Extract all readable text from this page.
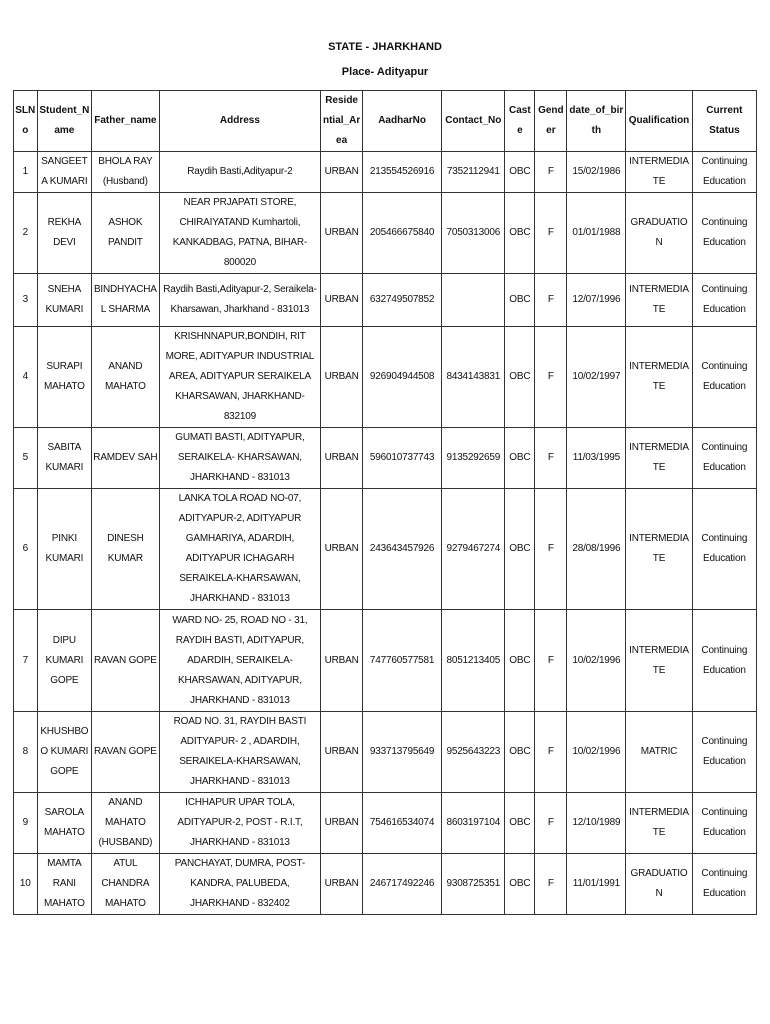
STATE - JHARKHAND
Place- Adityapur
SLNo	Student_Name	Father_name	Address	Residential_Area	AadharNo	Contact_No	Caste	Gender	date_of_birth	Qualification	Current Status
1	SANGEETA KUMARI	BHOLA RAY (Husband)	Raydih Basti,Adityapur-2	URBAN	213554526916	7352112941	OBC	F	15/02/1986	INTERMEDIATE	Continuing Education
2	REKHA DEVI	ASHOK PANDIT	NEAR PRJAPATI STORE, CHIRAIYATAND Kumhartoli, KANKADBAG, PATNA, BIHAR- 800020	URBAN	205466675840	7050313006	OBC	F	01/01/1988	GRADUATION	Continuing Education
3	SNEHA KUMARI	BINDHYACHAL SHARMA	Raydih Basti,Adityapur-2, Seraikela-Kharsawan, Jharkhand - 831013	URBAN	632749507852		OBC	F	12/07/1996	INTERMEDIATE	Continuing Education
4	SURAPI MAHATO	ANAND MAHATO	KRISHNNAPUR,BONDIH, RIT MORE, ADITYAPUR INDUSTRIAL AREA, ADITYAPUR SERAIKELA KHARSAWAN, JHARKHAND- 832109	URBAN	926904944508	8434143831	OBC	F	10/02/1997	INTERMEDIATE	Continuing Education
5	SABITA KUMARI	RAMDEV SAH	GUMATI BASTI, ADITYAPUR, SERAIKELA- KHARSAWAN, JHARKHAND - 831013	URBAN	596010737743	9135292659	OBC	F	11/03/1995	INTERMEDIATE	Continuing Education
6	PINKI KUMARI	DINESH KUMAR	LANKA TOLA ROAD NO-07, ADITYAPUR-2, ADITYAPUR GAMHARIYA, ADARDIH, ADITYAPUR ICHAGARH SERAIKELA-KHARSAWAN, JHARKHAND - 831013	URBAN	243643457926	9279467274	OBC	F	28/08/1996	INTERMEDIATE	Continuing Education
7	DIPU KUMARI GOPE	RAVAN GOPE	WARD NO- 25, ROAD NO - 31, RAYDIH BASTI, ADITYAPUR, ADARDIH, SERAIKELA-KHARSAWAN, ADITYAPUR, JHARKHAND - 831013	URBAN	747760577581	8051213405	OBC	F	10/02/1996	INTERMEDIATE	Continuing Education
8	KHUSHBOO KUMARI GOPE	RAVAN GOPE	ROAD NO. 31, RAYDIH BASTI ADITYAPUR- 2 , ADARDIH, SERAIKELA-KHARSAWAN, JHARKHAND - 831013	URBAN	933713795649	9525643223	OBC	F	10/02/1996	MATRIC	Continuing Education
9	SAROLA MAHATO	ANAND MAHATO (HUSBAND)	ICHHAPUR UPAR TOLA, ADITYAPUR-2, POST - R.I.T, JHARKHAND - 831013	URBAN	754616534074	8603197104	OBC	F	12/10/1989	INTERMEDIATE	Continuing Education
10	MAMTA RANI MAHATO	ATUL CHANDRA MAHATO	PANCHAYAT, DUMRA, POST- KANDRA, PALUBEDA, JHARKHAND - 832402	URBAN	246717492246	9308725351	OBC	F	11/01/1991	GRADUATION	Continuing Education
